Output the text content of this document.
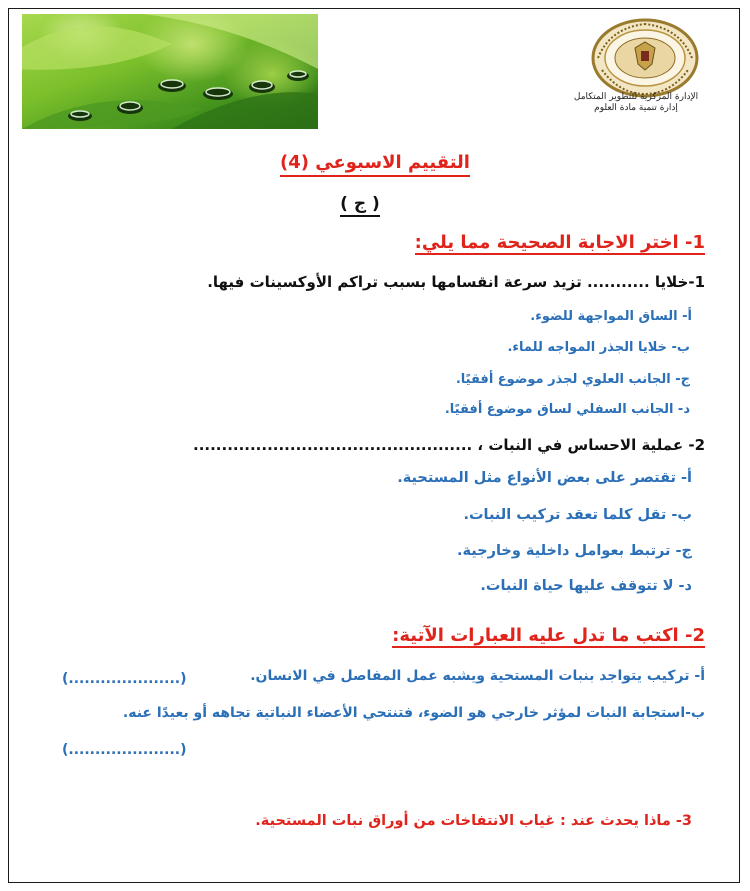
الإدارة المركزية للتطوير المتكامل
إدارة تنمية مادة العلوم
التقييم الاسبوعي (4)
( ج )
1- اختر الاجابة الصحيحة مما يلي:
1-خلايا ........... تزيد سرعة انقسامها بسبب تراكم الأوكسينات فيها.
أ- الساق المواجهة للضوء.
ب- خلايا الجذر المواجه للماء.
ج- الجانب العلوي لجذر موضوع أفقيًا.
د- الجانب السفلي لساق موضوع أفقيًا.
2- عملية الاحساس في النبات ، .................................................
أ- تقتصر على بعض الأنواع مثل المستحية.
ب- تقل كلما تعقد تركيب النبات.
ج- ترتبط بعوامل داخلية وخارجية.
د- لا تتوقف عليها حياة النبات.
2- اكتب ما تدل عليه العبارات الآتية:
أ- تركيب يتواجد بنبات المستحية ويشبه عمل المفاصل في الانسان.
(.....................)
ب-استجابة النبات لمؤثر خارجي هو الضوء، فتنتحي الأعضاء النباتية تجاهه أو بعيدًا عنه.
(.....................)
3- ماذا يحدث عند : غياب الانتفاخات من أوراق نبات المستحية.
